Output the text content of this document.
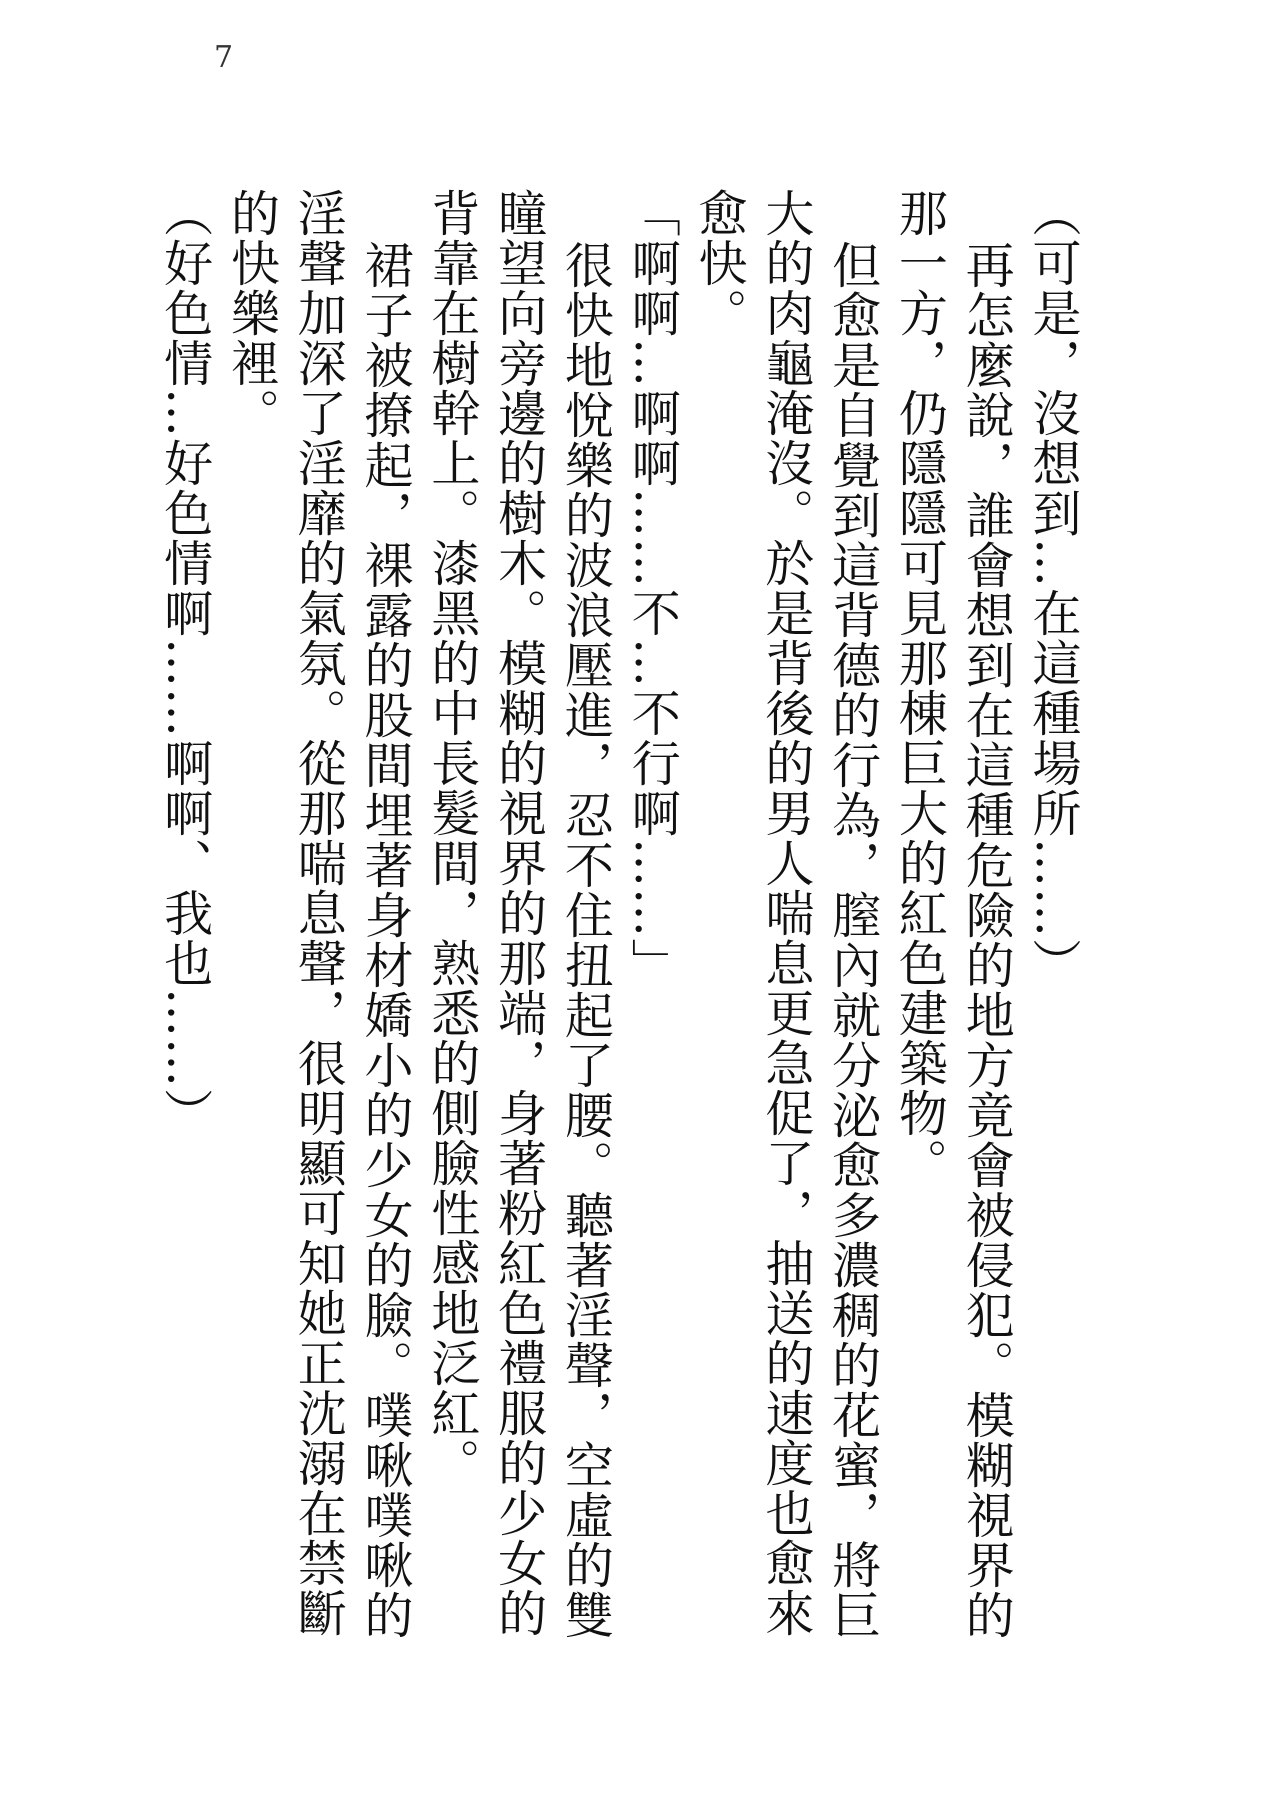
7
（可是，沒想到…在這種場所……）
再怎麼說，誰會想到在這種危險的地方竟會被侵犯。模糊視界的
那一方，仍隱隱可見那棟巨大的紅色建築物。
但愈是自覺到這背德的行為，膣內就分泌愈多濃稠的花蜜，將巨
大的肉龜淹沒。於是背後的男人喘息更急促了，抽送的速度也愈來
愈快。
「啊啊…啊啊……不…不行啊……」
很快地悅樂的波浪壓進，忍不住扭起了腰。聽著淫聲，空虛的雙
瞳望向旁邊的樹木。模糊的視界的那端，身著粉紅色禮服的少女的
背靠在樹幹上。漆黑的中長髮間，熟悉的側臉性感地泛紅。
裙子被撩起，裸露的股間埋著身材嬌小的少女的臉。噗啾噗啾的
淫聲加深了淫靡的氣氛。從那喘息聲，很明顯可知她正沈溺在禁斷
的快樂裡。
（好色情…好色情啊……啊啊、我也……）
